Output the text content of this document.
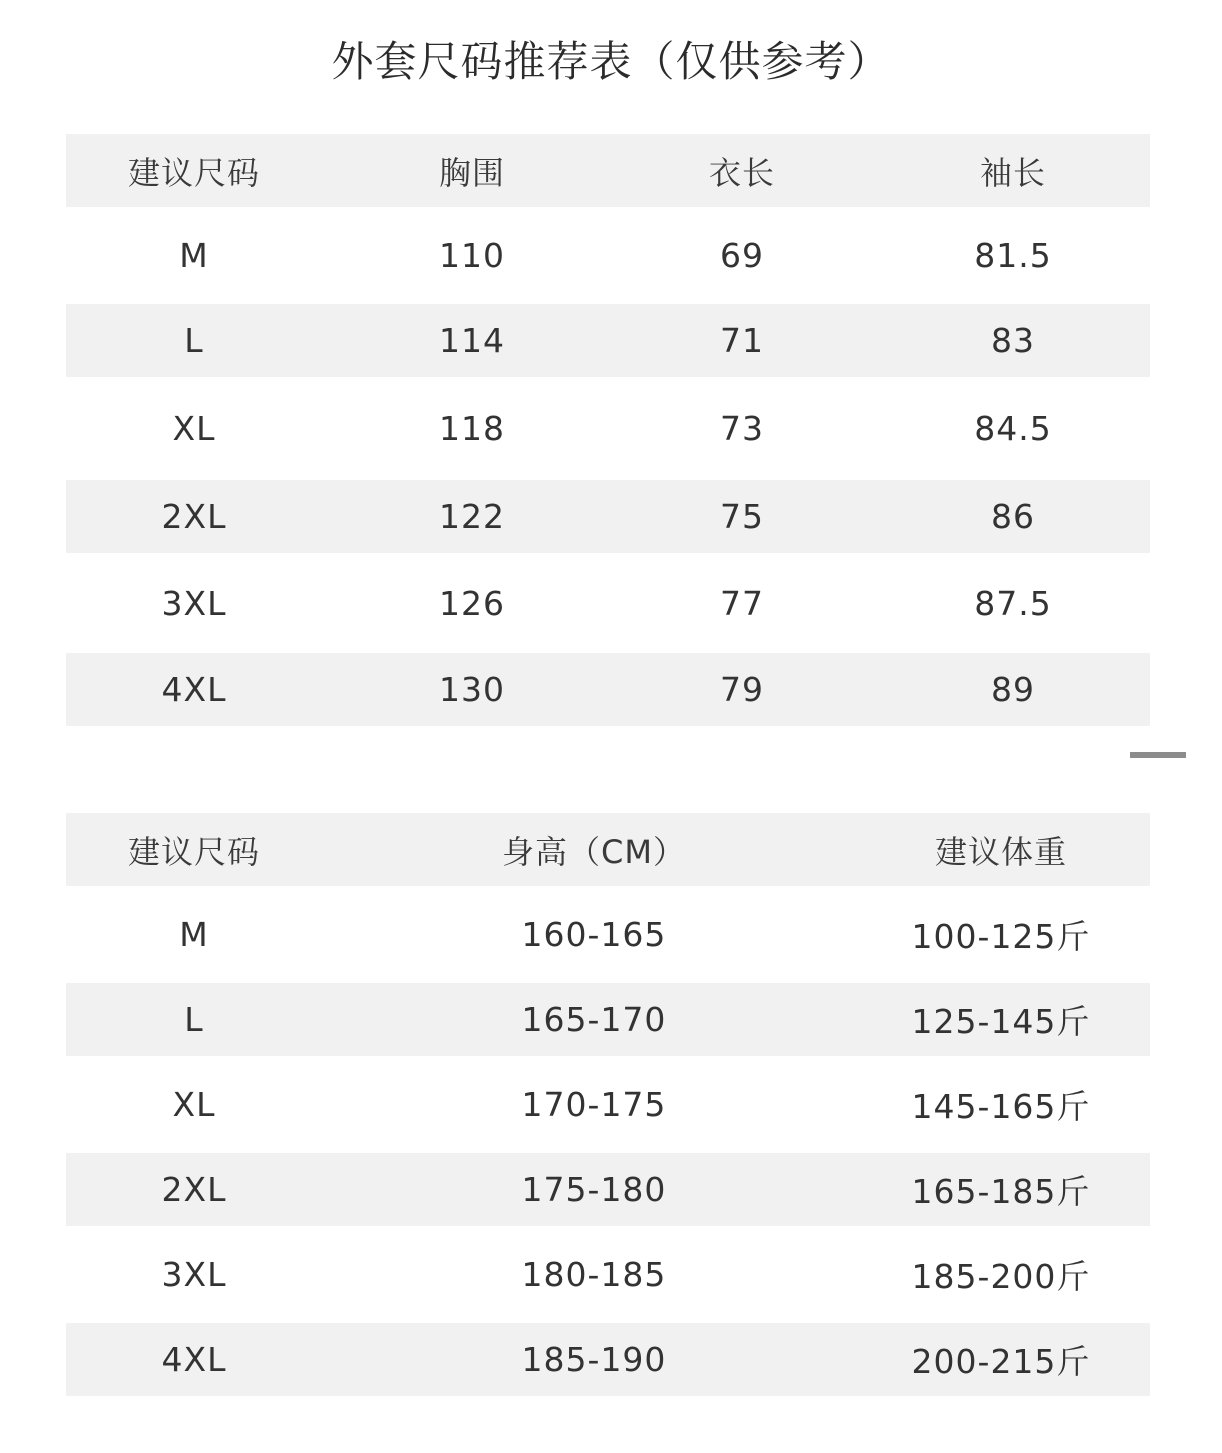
外套尺码推荐表（仅供参考）
建议尺码	胸围	衣长	袖长
M	110	69	81.5
L	114	71	83
XL	118	73	84.5
2XL	122	75	86
3XL	126	77	87.5
4XL	130	79	89
建议尺码	身高（CM）	建议体重
M	160-165	100-125斤
L	165-170	125-145斤
XL	170-175	145-165斤
2XL	175-180	165-185斤
3XL	180-185	185-200斤
4XL	185-190	200-215斤
